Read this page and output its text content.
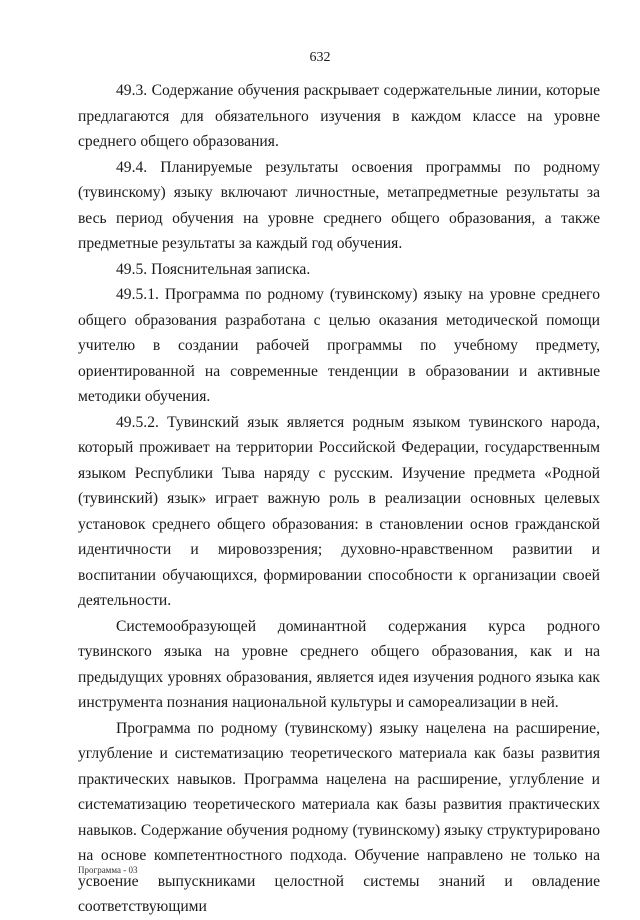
632

49.3. Содержание обучения раскрывает содержательные линии, которые предлагаются для обязательного изучения в каждом классе на уровне среднего общего образования.

49.4. Планируемые результаты освоения программы по родному (тувинскому) языку включают личностные, метапредметные результаты за весь период обучения на уровне среднего общего образования, а также предметные результаты за каждый год обучения.

49.5. Пояснительная записка.

49.5.1. Программа по родному (тувинскому) языку на уровне среднего общего образования разработана с целью оказания методической помощи учителю в создании рабочей программы по учебному предмету, ориентированной на современные тенденции в образовании и активные методики обучения.

49.5.2. Тувинский язык является родным языком тувинского народа, который проживает на территории Российской Федерации, государственным языком Республики Тыва наряду с русским. Изучение предмета «Родной (тувинский) язык» играет важную роль в реализации основных целевых установок среднего общего образования: в становлении основ гражданской идентичности и мировоззрения; духовно-нравственном развитии и воспитании обучающихся, формировании способности к организации своей деятельности.

Системообразующей доминантной содержания курса родного тувинского языка на уровне среднего общего образования, как и на предыдущих уровнях образования, является идея изучения родного языка как инструмента познания национальной культуры и самореализации в ней.

Программа по родному (тувинскому) языку нацелена на расширение, углубление и систематизацию теоретического материала как базы развития практических навыков. Программа нацелена на расширение, углубление и систематизацию теоретического материала как базы развития практических навыков. Содержание обучения родному (тувинскому) языку структурировано на основе компетентностного подхода. Обучение направлено не только на усвоение выпускниками целостной системы знаний и овладение соответствующими

Программа - 03
